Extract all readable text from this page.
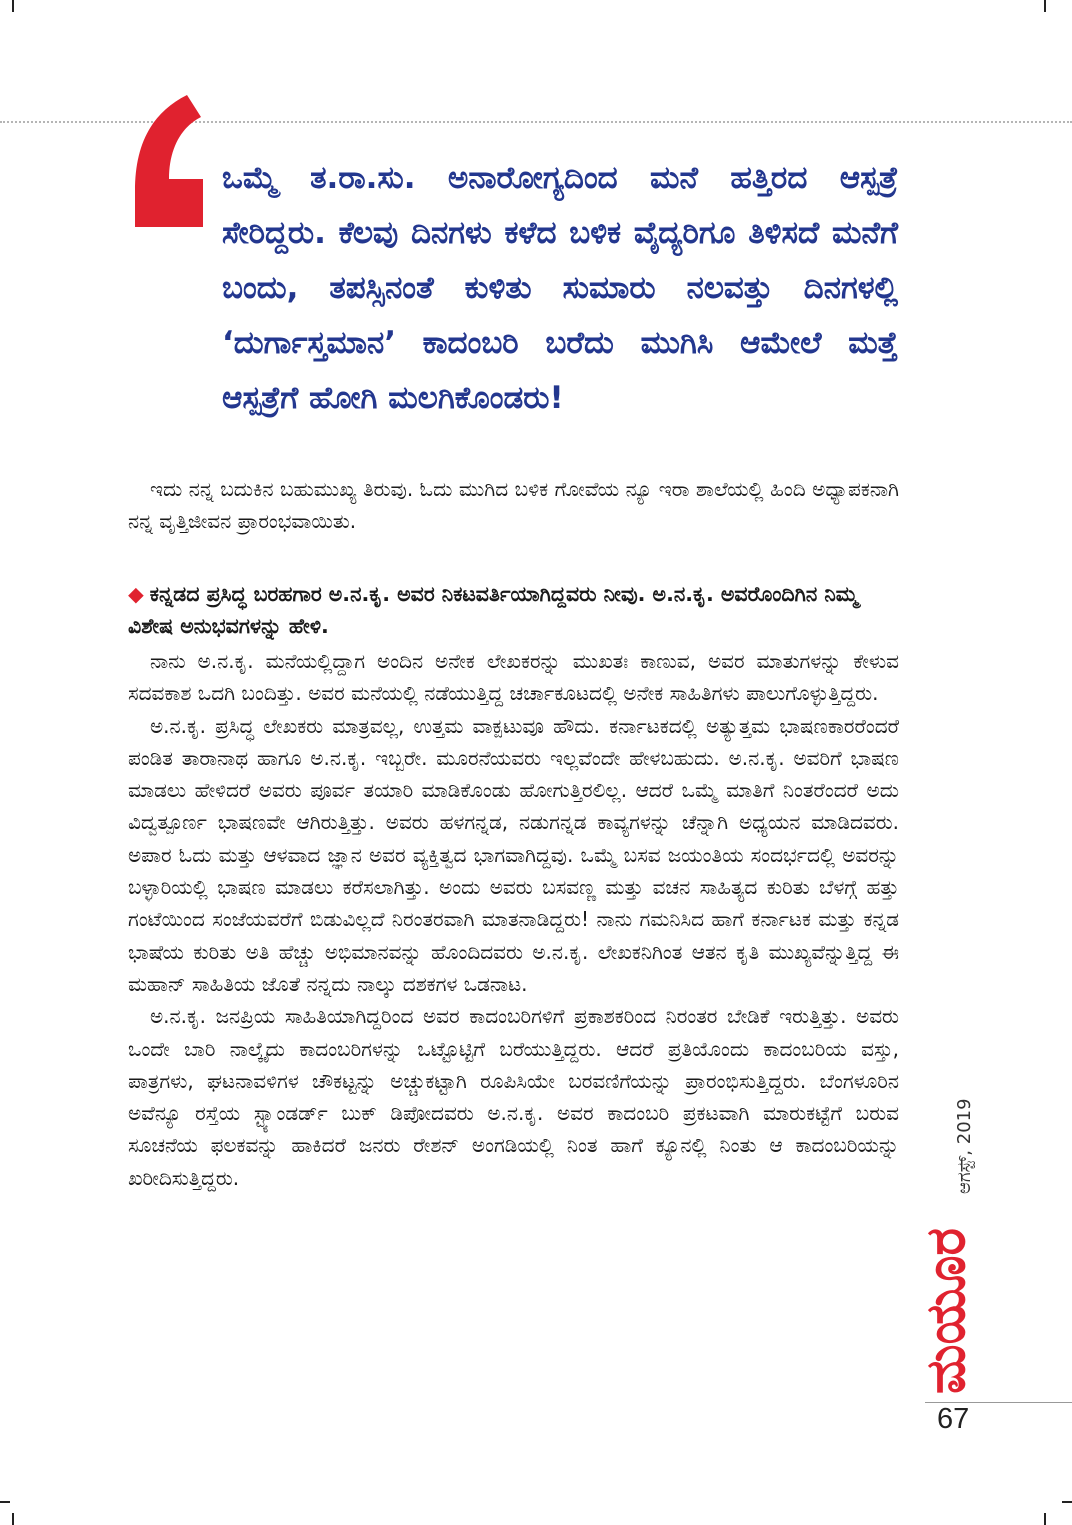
ಒಮ್ಮೆ ತ.ರಾ.ಸು. ಅನಾರೋಗ್ಯದಿಂದ ಮನೆ ಹತ್ತಿರದ ಆಸ್ಪತ್ರೆ ಸೇರಿದ್ದರು. ಕೆಲವು ದಿನಗಳು ಕಳೆದ ಬಳಿಕ ವೈದ್ಯರಿಗೂ ತಿಳಿಸದೆ ಮನೆಗೆ ಬಂದು, ತಪಸ್ಸಿನಂತೆ ಕುಳಿತು ಸುಮಾರು ನಲವತ್ತು ದಿನಗಳಲ್ಲಿ ‘ದುರ್ಗಾಸ್ತಮಾನ’ ಕಾದಂಬರಿ ಬರೆದು ಮುಗಿಸಿ ಆಮೇಲೆ ಮತ್ತೆ ಆಸ್ಪತ್ರೆಗೆ ಹೋಗಿ ಮಲಗಿಕೊಂಡರು!

ಇದು ನನ್ನ ಬದುಕಿನ ಬಹುಮುಖ್ಯ ತಿರುವು. ಓದು ಮುಗಿದ ಬಳಿಕ ಗೋವೆಯ ನ್ಯೂ ಇರಾ ಶಾಲೆಯಲ್ಲಿ ಹಿಂದಿ ಅಧ್ಯಾಪಕನಾಗಿ ನನ್ನ ವೃತ್ತಿಜೀವನ ಪ್ರಾರಂಭವಾಯಿತು.

◆ ಕನ್ನಡದ ಪ್ರಸಿದ್ಧ ಬರಹಗಾರ ಅ.ನ.ಕೃ. ಅವರ ನಿಕಟವರ್ತಿಯಾಗಿದ್ದವರು ನೀವು. ಅ.ನ.ಕೃ. ಅವರೊಂದಿಗಿನ ನಿಮ್ಮ ವಿಶೇಷ ಅನುಭವಗಳನ್ನು ಹೇಳಿ.

ನಾನು ಅ.ನ.ಕೃ. ಮನೆಯಲ್ಲಿದ್ದಾಗ ಅಂದಿನ ಅನೇಕ ಲೇಖಕರನ್ನು ಮುಖತಃ ಕಾಣುವ, ಅವರ ಮಾತುಗಳನ್ನು ಕೇಳುವ ಸದವಕಾಶ ಒದಗಿ ಬಂದಿತ್ತು. ಅವರ ಮನೆಯಲ್ಲಿ ನಡೆಯುತ್ತಿದ್ದ ಚರ್ಚಾಕೂಟದಲ್ಲಿ ಅನೇಕ ಸಾಹಿತಿಗಳು ಪಾಲುಗೊಳ್ಳುತ್ತಿದ್ದರು.

ಅ.ನ.ಕೃ. ಪ್ರಸಿದ್ಧ ಲೇಖಕರು ಮಾತ್ರವಲ್ಲ, ಉತ್ತಮ ವಾಕ್ಪಟುವೂ ಹೌದು. ಕರ್ನಾಟಕದಲ್ಲಿ ಅತ್ಯುತ್ತಮ ಭಾಷಣಕಾರರೆಂದರೆ ಪಂಡಿತ ತಾರಾನಾಥ ಹಾಗೂ ಅ.ನ.ಕೃ. ಇಬ್ಬರೇ. ಮೂರನೆಯವರು ಇಲ್ಲವೆಂದೇ ಹೇಳಬಹುದು. ಅ.ನ.ಕೃ. ಅವರಿಗೆ ಭಾಷಣ ಮಾಡಲು ಹೇಳಿದರೆ ಅವರು ಪೂರ್ವ ತಯಾರಿ ಮಾಡಿಕೊಂಡು ಹೋಗುತ್ತಿರಲಿಲ್ಲ. ಆದರೆ ಒಮ್ಮೆ ಮಾತಿಗೆ ನಿಂತರೆಂದರೆ ಅದು ವಿದ್ವತ್ಪೂರ್ಣ ಭಾಷಣವೇ ಆಗಿರುತ್ತಿತ್ತು. ಅವರು ಹಳಗನ್ನಡ, ನಡುಗನ್ನಡ ಕಾವ್ಯಗಳನ್ನು ಚೆನ್ನಾಗಿ ಅಧ್ಯಯನ ಮಾಡಿದವರು. ಅಪಾರ ಓದು ಮತ್ತು ಆಳವಾದ ಜ್ಞಾನ ಅವರ ವ್ಯಕ್ತಿತ್ವದ ಭಾಗವಾಗಿದ್ದವು. ಒಮ್ಮೆ ಬಸವ ಜಯಂತಿಯ ಸಂದರ್ಭದಲ್ಲಿ ಅವರನ್ನು ಬಳ್ಳಾರಿಯಲ್ಲಿ ಭಾಷಣ ಮಾಡಲು ಕರೆಸಲಾಗಿತ್ತು. ಅಂದು ಅವರು ಬಸವಣ್ಣ ಮತ್ತು ವಚನ ಸಾಹಿತ್ಯದ ಕುರಿತು ಬೆಳಗ್ಗೆ ಹತ್ತು ಗಂಟೆಯಿಂದ ಸಂಜೆಯವರೆಗೆ ಬಿಡುವಿಲ್ಲದೆ ನಿರಂತರವಾಗಿ ಮಾತನಾಡಿದ್ದರು! ನಾನು ಗಮನಿಸಿದ ಹಾಗೆ ಕರ್ನಾಟಕ ಮತ್ತು ಕನ್ನಡ ಭಾಷೆಯ ಕುರಿತು ಅತಿ ಹೆಚ್ಚು ಅಭಿಮಾನವನ್ನು ಹೊಂದಿದವರು ಅ.ನ.ಕೃ. ಲೇಖಕನಿಗಿಂತ ಆತನ ಕೃತಿ ಮುಖ್ಯವೆನ್ನುತ್ತಿದ್ದ ಈ ಮಹಾನ್ ಸಾಹಿತಿಯ ಜೊತೆ ನನ್ನದು ನಾಲ್ಕು ದಶಕಗಳ ಒಡನಾಟ.

ಅ.ನ.ಕೃ. ಜನಪ್ರಿಯ ಸಾಹಿತಿಯಾಗಿದ್ದರಿಂದ ಅವರ ಕಾದಂಬರಿಗಳಿಗೆ ಪ್ರಕಾಶಕರಿಂದ ನಿರಂತರ ಬೇಡಿಕೆ ಇರುತ್ತಿತ್ತು. ಅವರು ಒಂದೇ ಬಾರಿ ನಾಲ್ಕೈದು ಕಾದಂಬರಿಗಳನ್ನು ಒಟ್ಟೊಟ್ಟಿಗೆ ಬರೆಯುತ್ತಿದ್ದರು. ಆದರೆ ಪ್ರತಿಯೊಂದು ಕಾದಂಬರಿಯ ವಸ್ತು, ಪಾತ್ರಗಳು, ಘಟನಾವಳಿಗಳ ಚೌಕಟ್ಟನ್ನು ಅಚ್ಚುಕಟ್ಟಾಗಿ ರೂಪಿಸಿಯೇ ಬರವಣಿಗೆಯನ್ನು ಪ್ರಾರಂಭಿಸುತ್ತಿದ್ದರು. ಬೆಂಗಳೂರಿನ ಅವೆನ್ಯೂ ರಸ್ತೆಯ ಸ್ಟ್ಯಾಂಡರ್ಡ್ ಬುಕ್ ಡಿಪೋದವರು ಅ.ನ.ಕೃ. ಅವರ ಕಾದಂಬರಿ ಪ್ರಕಟವಾಗಿ ಮಾರುಕಟ್ಟೆಗೆ ಬರುವ ಸೂಚನೆಯ ಫಲಕವನ್ನು ಹಾಕಿದರೆ ಜನರು ರೇಶನ್ ಅಂಗಡಿಯಲ್ಲಿ ನಿಂತ ಹಾಗೆ ಕ್ಯೂನಲ್ಲಿ ನಿಂತು ಆ ಕಾದಂಬರಿಯನ್ನು ಖರೀದಿಸುತ್ತಿದ್ದರು.	ಆಗಸ್ಟ್, 2019
ಮಯೂರ
67
